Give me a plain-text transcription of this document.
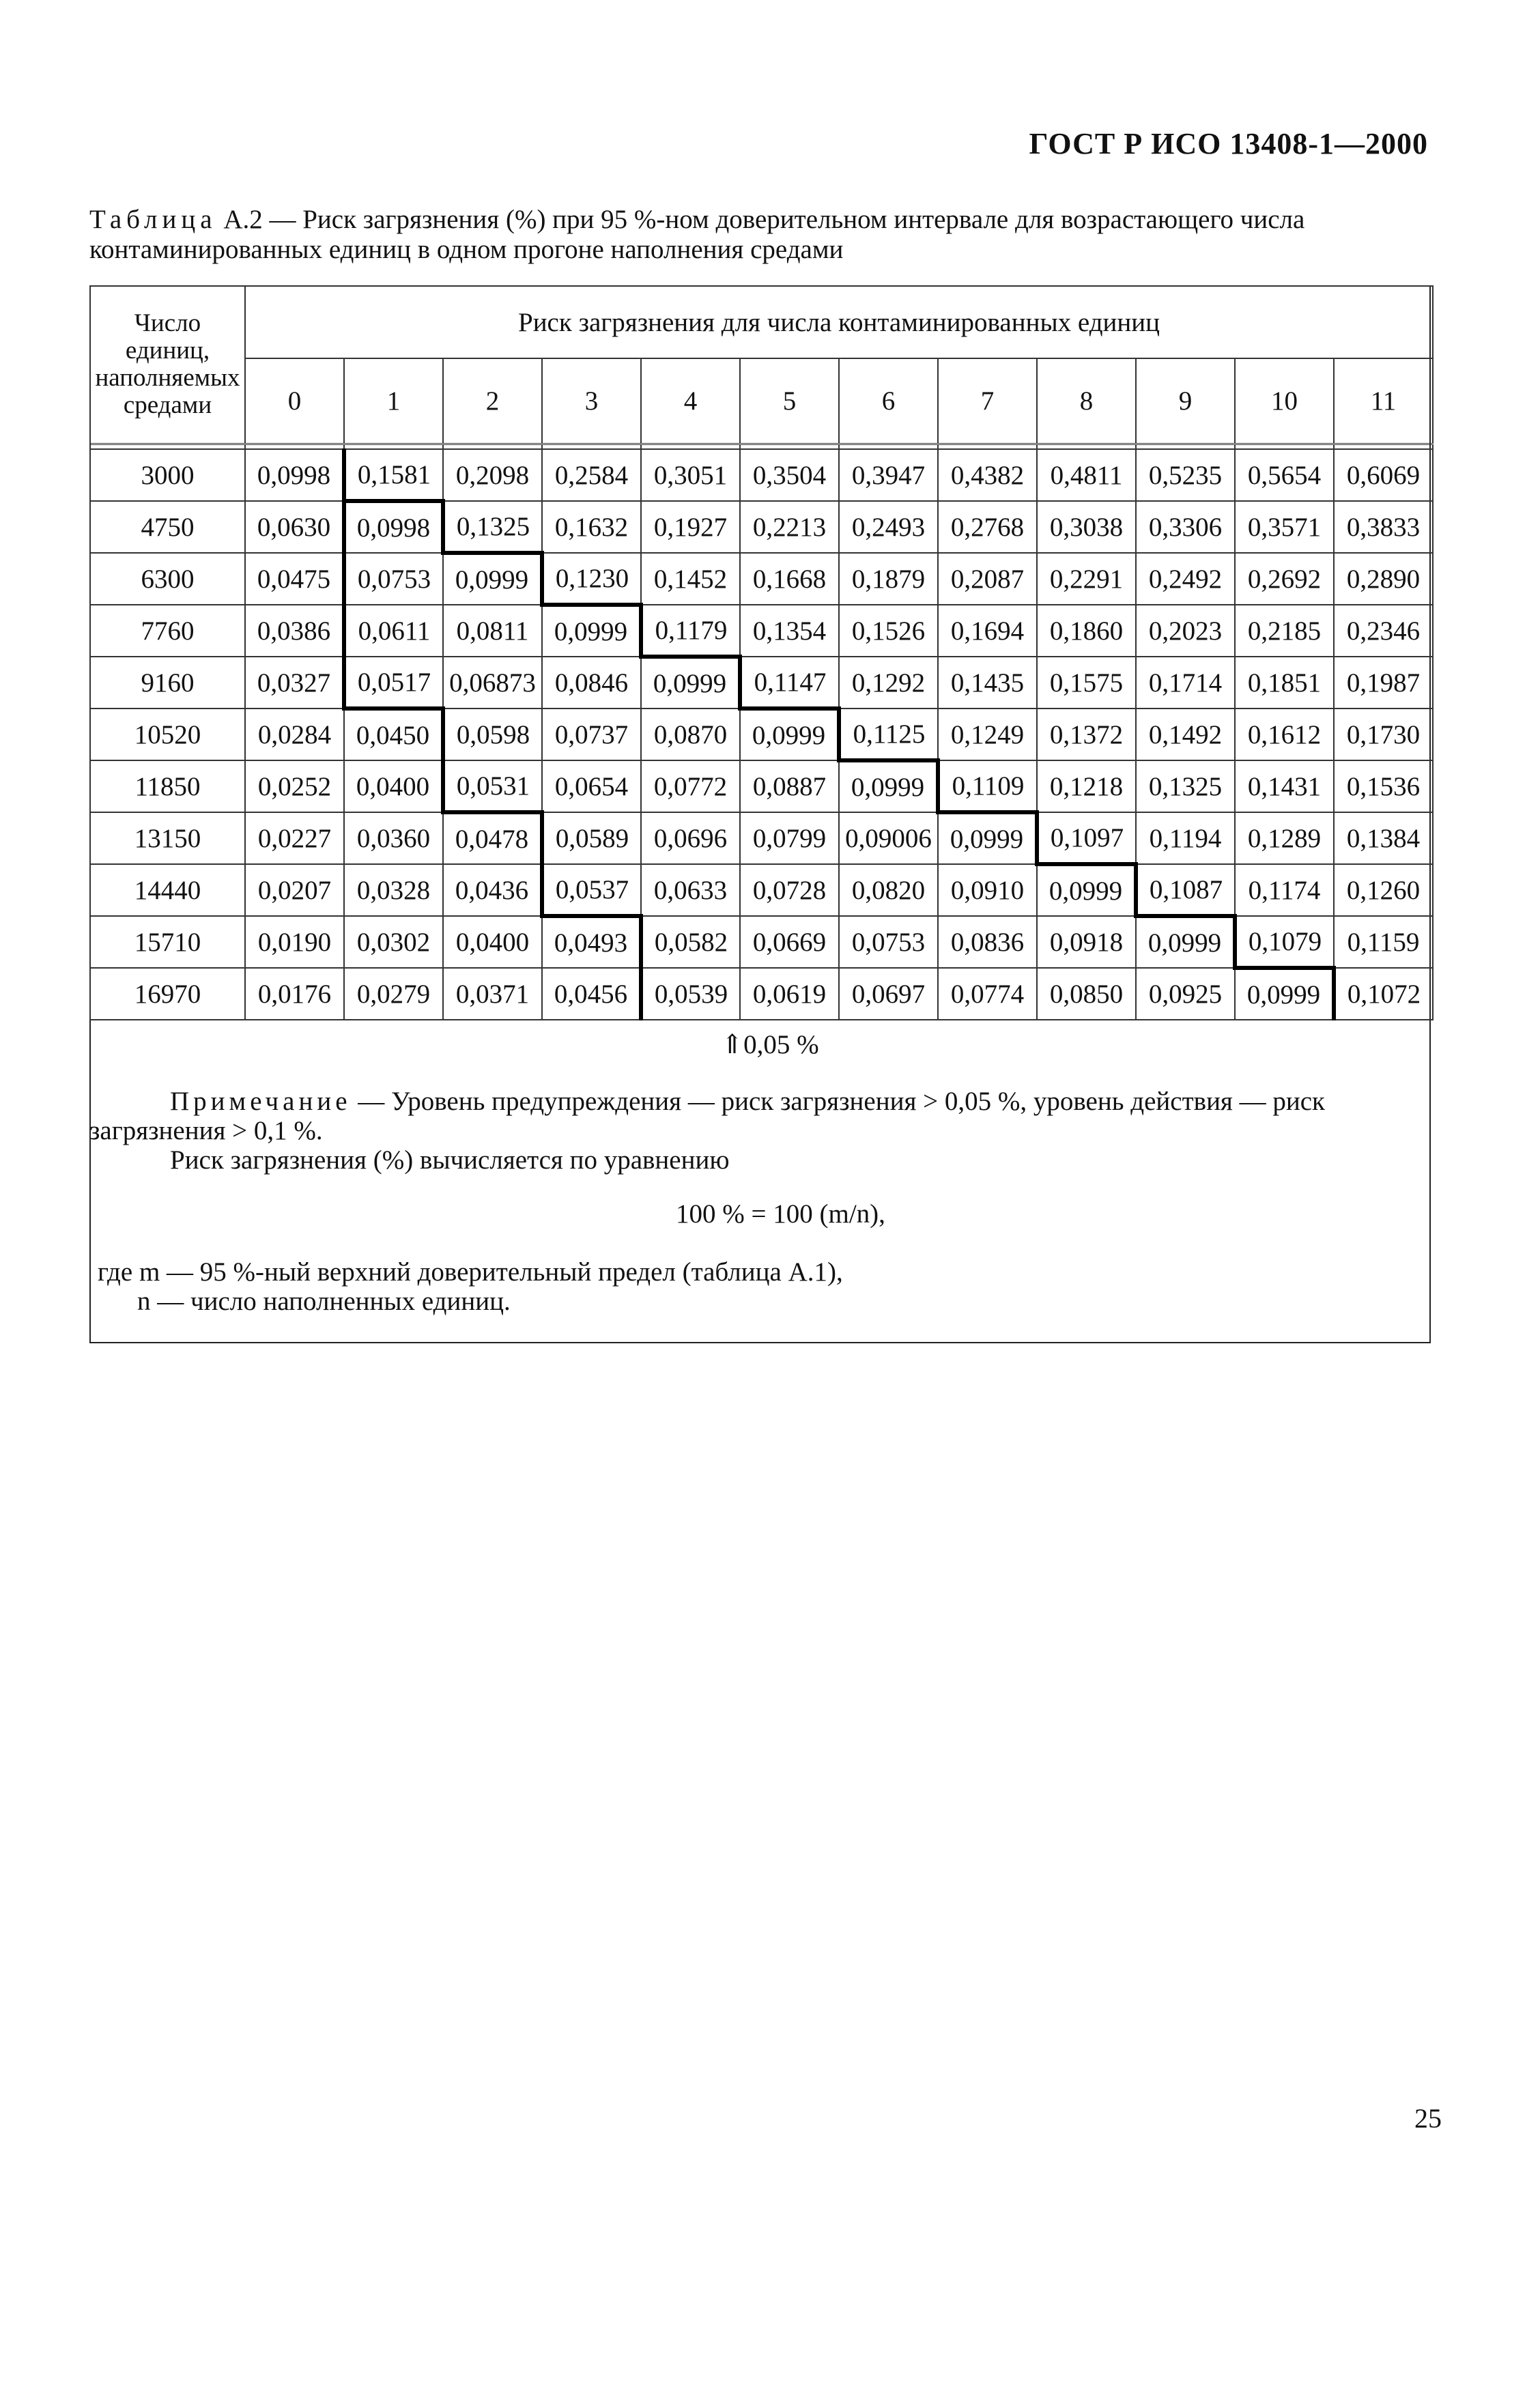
ГОСТ Р ИСО 13408-1—2000
Таблица А.2 — Риск загрязнения (%) при 95 %-ном доверительном интервале для возрастающего числа контаминированных единиц в одном прогоне наполнения средами
Число единиц, наполняемых средами	Риск загрязнения для числа контаминированных единиц											
	0	1	2	3	4	5	6	7	8	9	10	11

3000	0,0998	0,1581	0,2098	0,2584	0,3051	0,3504	0,3947	0,4382	0,4811	0,5235	0,5654	0,6069
4750	0,0630	0,0998	0,1325	0,1632	0,1927	0,2213	0,2493	0,2768	0,3038	0,3306	0,3571	0,3833
6300	0,0475	0,0753	0,0999	0,1230	0,1452	0,1668	0,1879	0,2087	0,2291	0,2492	0,2692	0,2890
7760	0,0386	0,0611	0,0811	0,0999	0,1179	0,1354	0,1526	0,1694	0,1860	0,2023	0,2185	0,2346
9160	0,0327	0,0517	0,06873	0,0846	0,0999	0,1147	0,1292	0,1435	0,1575	0,1714	0,1851	0,1987
10520	0,0284	0,0450	0,0598	0,0737	0,0870	0,0999	0,1125	0,1249	0,1372	0,1492	0,1612	0,1730
11850	0,0252	0,0400	0,0531	0,0654	0,0772	0,0887	0,0999	0,1109	0,1218	0,1325	0,1431	0,1536
13150	0,0227	0,0360	0,0478	0,0589	0,0696	0,0799	0,09006	0,0999	0,1097	0,1194	0,1289	0,1384
14440	0,0207	0,0328	0,0436	0,0537	0,0633	0,0728	0,0820	0,0910	0,0999	0,1087	0,1174	0,1260
15710	0,0190	0,0302	0,0400	0,0493	0,0582	0,0669	0,0753	0,0836	0,0918	0,0999	0,1079	0,1159
16970	0,0176	0,0279	0,0371	0,0456	0,0539	0,0619	0,0697	0,0774	0,0850	0,0925	0,0999	0,1072
⇑0,05 %

Примечание — Уровень предупреждения — риск загрязнения > 0,05 %, уровень действия — риск загрязнения > 0,1 %.

Риск загрязнения (%) вычисляется по уравнению

100 % = 100 (m/n),

где m — 95 %-ный верхний доверительный предел (таблица А.1),

n — число наполненных единиц.

25
